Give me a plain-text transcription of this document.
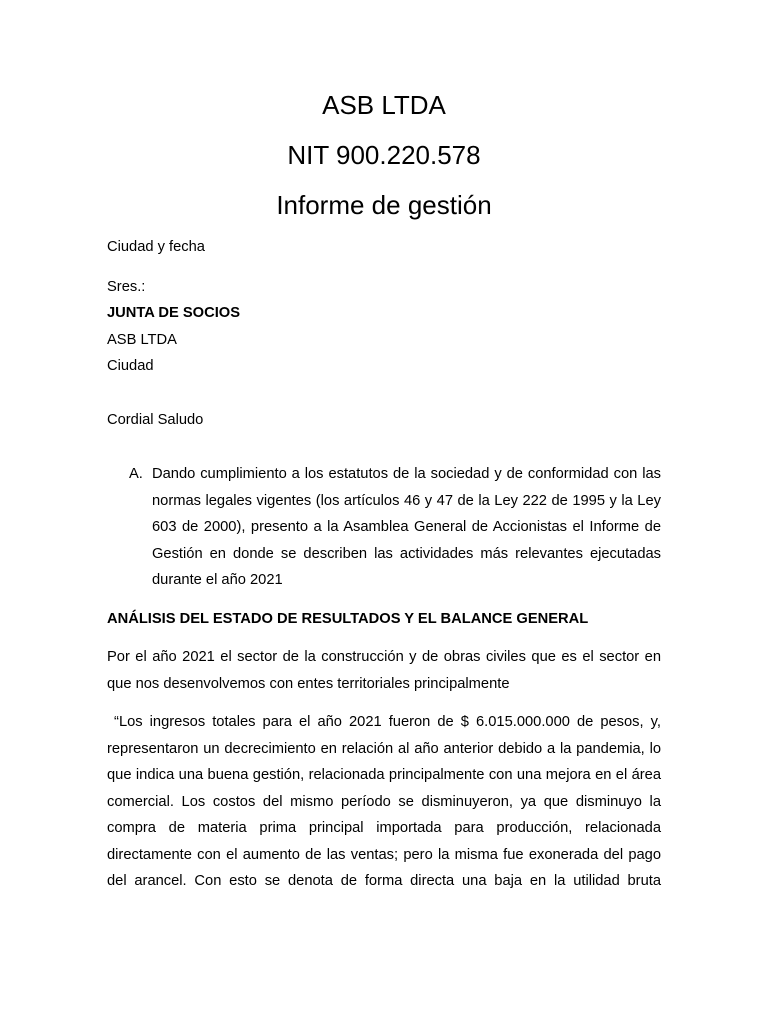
ASB LTDA
NIT 900.220.578
Informe de gestión

Ciudad y fecha

Sres.:

JUNTA DE SOCIOS

ASB LTDA

Ciudad

Cordial Saludo

A. Dando cumplimiento a los estatutos de la sociedad y de conformidad con las normas legales vigentes (los artículos 46 y 47 de la Ley 222 de 1995 y la Ley 603 de 2000), presento a la Asamblea General de Accionistas el Informe de Gestión en donde se describen las actividades más relevantes ejecutadas durante el año 2021
ANÁLISIS DEL ESTADO DE RESULTADOS Y EL BALANCE GENERAL
Por el año 2021 el sector de la construcción y de obras civiles que es el sector en que nos desenvolvemos con entes territoriales principalmente
“Los ingresos totales para el año 2021 fueron de $ 6.015.000.000 de pesos, y, representaron un decrecimiento en relación al año anterior debido a la pandemia, lo que indica una buena gestión, relacionada principalmente con una mejora en el área comercial. Los costos del mismo período se disminuyeron, ya que disminuyo la compra de materia prima principal importada para producción, relacionada directamente con el aumento de las ventas; pero la misma fue exonerada del pago del arancel. Con esto se denota de forma directa una baja en la utilidad bruta
